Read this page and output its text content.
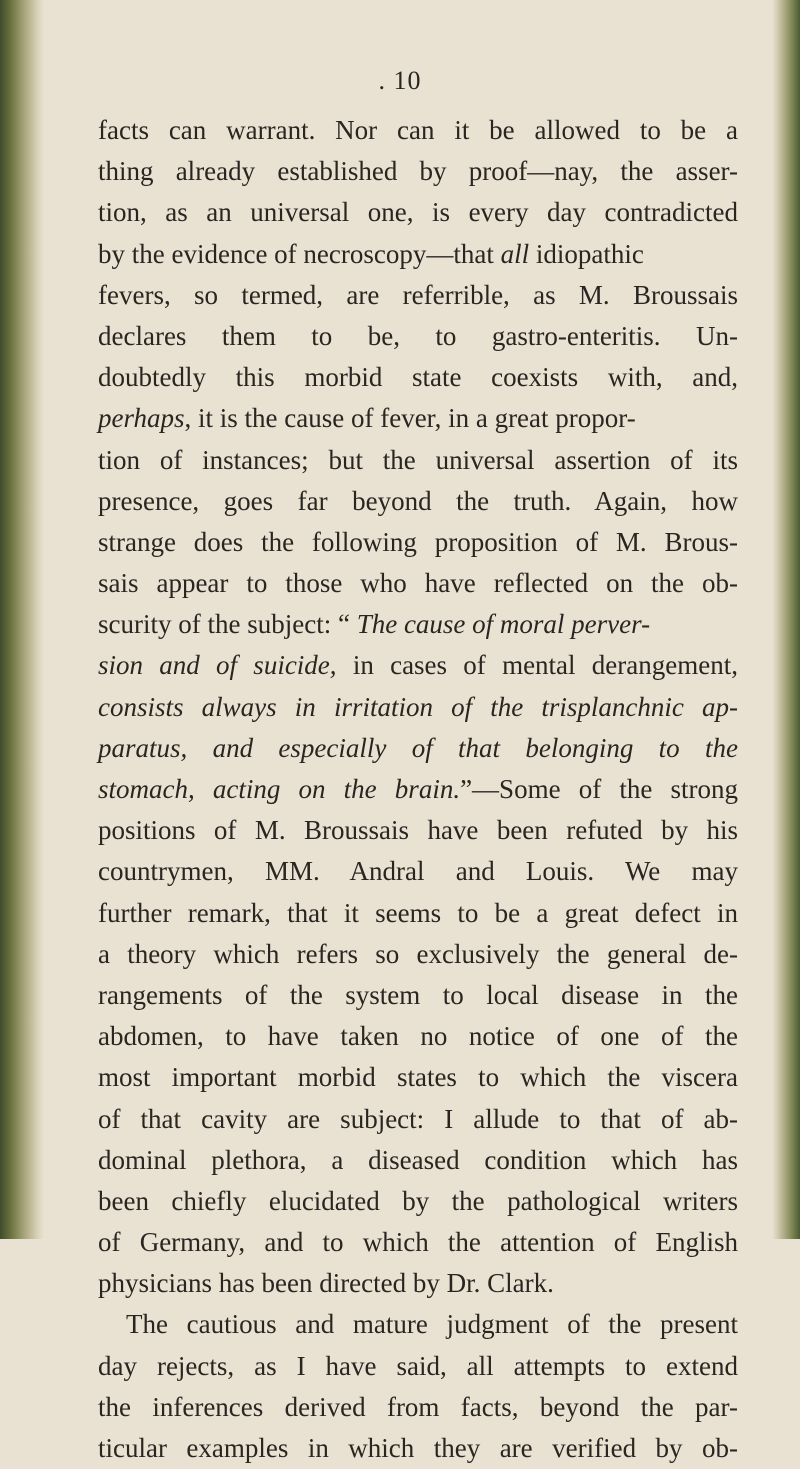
. 10
facts can warrant. Nor can it be allowed to be a
thing already established by proof—nay, the asser-
tion, as an universal one, is every day contradicted
by the evidence of necroscopy—that all idiopathic
fevers, so termed, are referrible, as M. Broussais
declares them to be, to gastro-enteritis. Un-
doubtedly this morbid state coexists with, and,
perhaps, it is the cause of fever, in a great propor-
tion of instances; but the universal assertion of its
presence, goes far beyond the truth. Again, how
strange does the following proposition of M. Brous-
sais appear to those who have reflected on the ob-
scurity of the subject: “ The cause of moral perver-
sion and of suicide, in cases of mental derangement,
consists always in irritation of the trisplanchnic ap-
paratus, and especially of that belonging to the
stomach, acting on the brain.”—Some of the strong
positions of M. Broussais have been refuted by his
countrymen, MM. Andral and Louis. We may
further remark, that it seems to be a great defect in
a theory which refers so exclusively the general de-
rangements of the system to local disease in the
abdomen, to have taken no notice of one of the
most important morbid states to which the viscera
of that cavity are subject: I allude to that of ab-
dominal plethora, a diseased condition which has
been chiefly elucidated by the pathological writers
of Germany, and to which the attention of English
physicians has been directed by Dr. Clark.
The cautious and mature judgment of the present
day rejects, as I have said, all attempts to extend
the inferences derived from facts, beyond the par-
ticular examples in which they are verified by ob-
